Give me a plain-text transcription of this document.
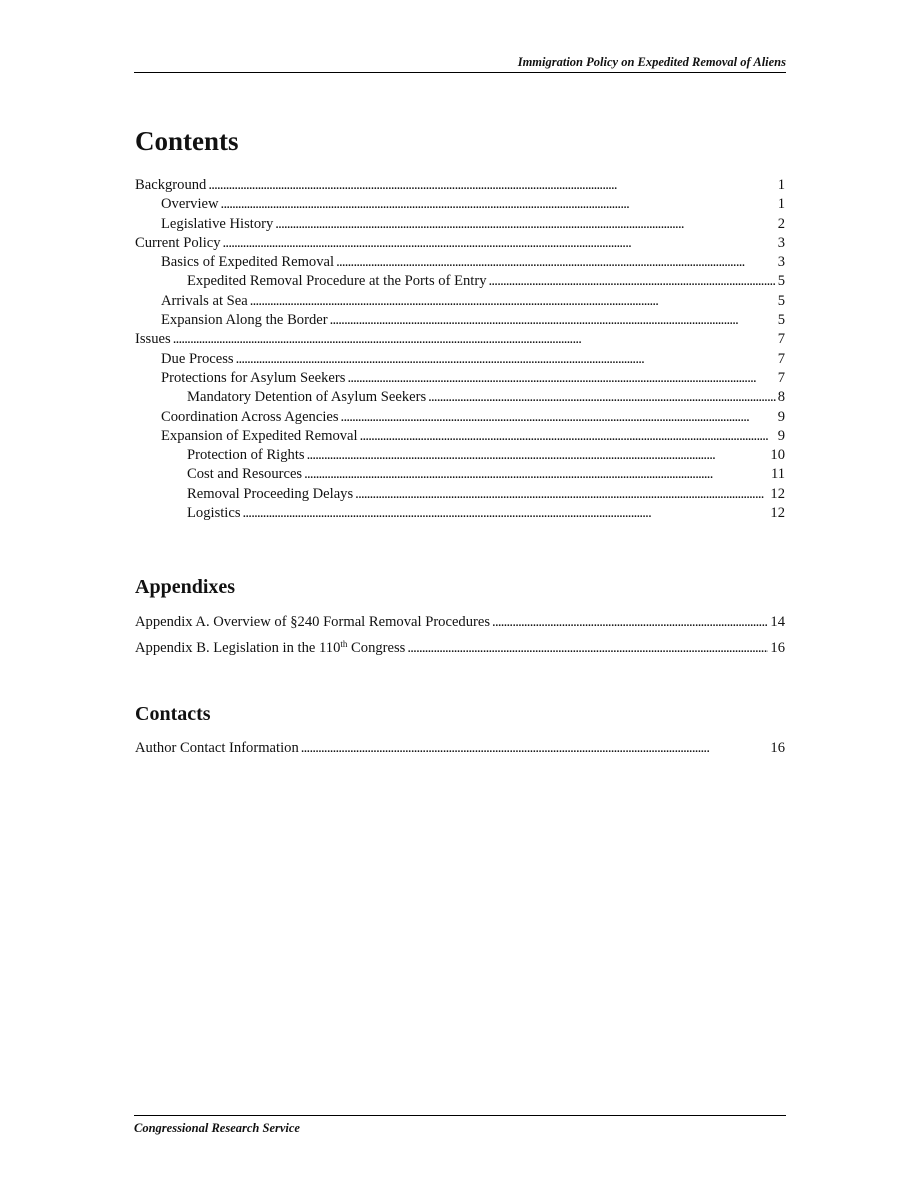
Immigration Policy on Expedited Removal of Aliens
Contents
Background . . .	1
Overview . . .	1
Legislative History . . .	2
Current Policy . . .	3
Basics of Expedited Removal . . .	3
Expedited Removal Procedure at the Ports of Entry . . .	5
Arrivals at Sea . . .	5
Expansion Along the Border . . .	5
Issues . . .	7
Due Process . . .	7
Protections for Asylum Seekers . . .	7
Mandatory Detention of Asylum Seekers . . .	8
Coordination Across Agencies . . .	9
Expansion of Expedited Removal . . .	9
Protection of Rights . . .	10
Cost and Resources . . .	11
Removal Proceeding Delays . . .	12
Logistics . . .	12
Appendixes
Appendix A. Overview of §240 Formal Removal Procedures . . .	14
Appendix B. Legislation in the 110th Congress . . .	16
Contacts
Author Contact Information . . .	16
Congressional Research Service
